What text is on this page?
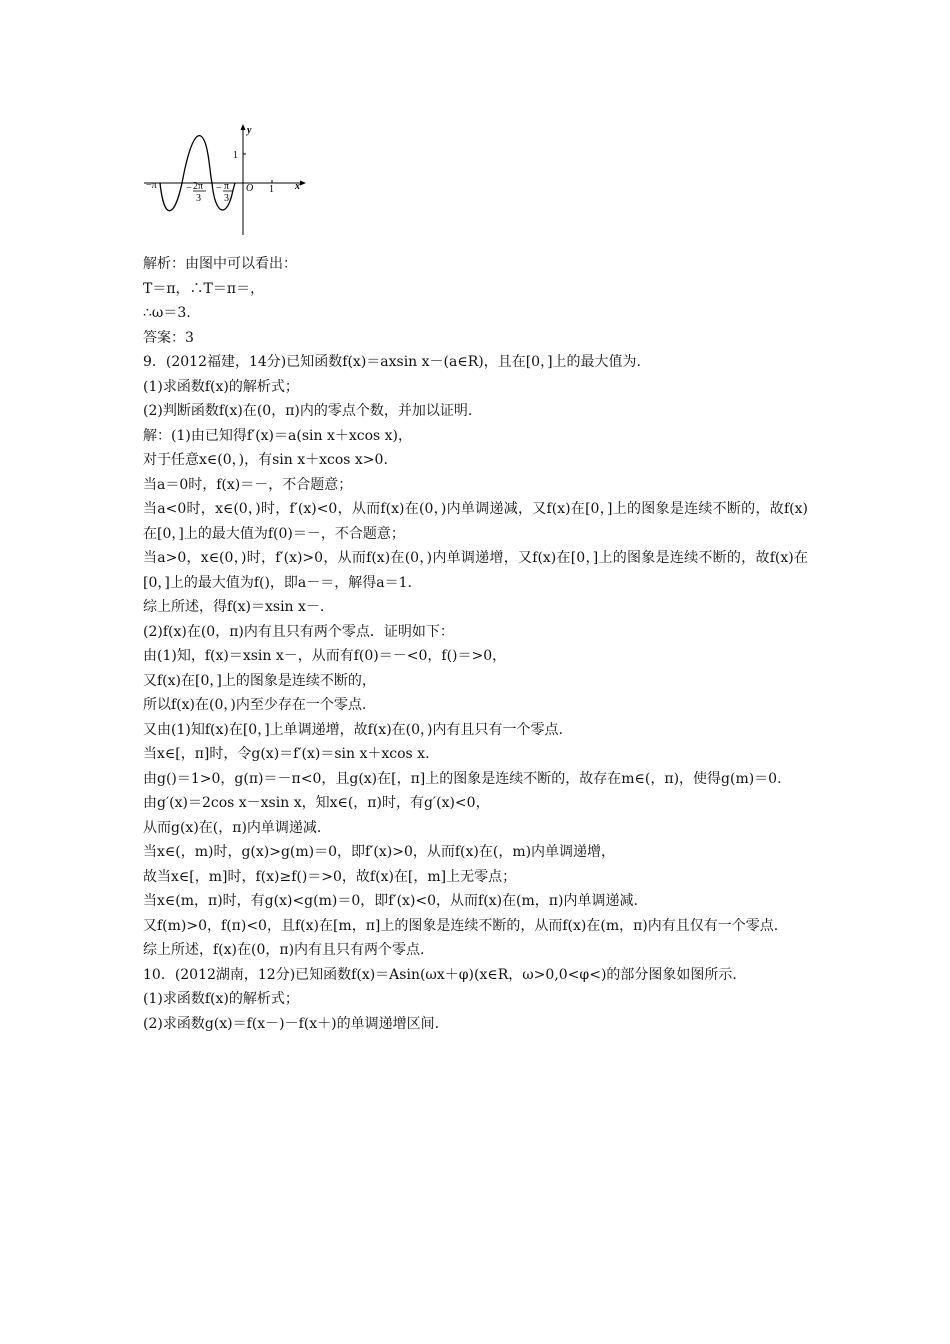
y
x
1
1
O
−π	− 2π
3
− π
3
解析：由图中可以看出：
T＝π，∴T＝π＝，
∴ω＝3.
答案：3
9．(2012福建，14分)已知函数f(x)＝axsin x－(a∈R)，且在[0，]上的最大值为.
(1)求函数f(x)的解析式；
(2)判断函数f(x)在(0，π)内的零点个数，并加以证明.
解：(1)由已知得f′(x)＝a(sin x＋xcos x)，
对于任意x∈(0，)，有sin x＋xcos x>0.
当a＝0时，f(x)＝－，不合题意；
当a<0时，x∈(0，)时，f′(x)<0，从而f(x)在(0，)内单调递减，又f(x)在[0，]上的图象是连续不断的，故f(x)在[0，]上的最大值为f(0)＝－，不合题意；
当a>0，x∈(0，)时，f′(x)>0，从而f(x)在(0，)内单调递增，又f(x)在[0，]上的图象是连续不断的，故f(x)在[0，]上的最大值为f()，即a－＝，解得a＝1.
综上所述，得f(x)＝xsin x－.
(2)f(x)在(0，π)内有且只有两个零点．证明如下：
由(1)知，f(x)＝xsin x－，从而有f(0)＝－<0，f()＝>0，
又f(x)在[0，]上的图象是连续不断的，
所以f(x)在(0，)内至少存在一个零点.
又由(1)知f(x)在[0，]上单调递增，故f(x)在(0，)内有且只有一个零点.
当x∈[，π]时，令g(x)＝f′(x)＝sin x＋xcos x.
由g()＝1>0，g(π)＝－π<0，且g(x)在[，π]上的图象是连续不断的，故存在m∈(，π)，使得g(m)＝0.
由g′(x)＝2cos x－xsin x，知x∈(，π)时，有g′(x)<0，
从而g(x)在(，π)内单调递减.
当x∈(，m)时，g(x)>g(m)＝0，即f′(x)>0，从而f(x)在(，m)内单调递增，
故当x∈[，m]时，f(x)≥f()＝>0，故f(x)在[，m]上无零点；
当x∈(m，π)时，有g(x)<g(m)＝0，即f′(x)<0，从而f(x)在(m，π)内单调递减.
又f(m)>0，f(π)<0，且f(x)在[m，π]上的图象是连续不断的，从而f(x)在(m，π)内有且仅有一个零点.
综上所述，f(x)在(0，π)内有且只有两个零点.
10．(2012湖南，12分)已知函数f(x)＝Asin(ωx＋φ)(x∈R，ω>0,0<φ<)的部分图象如图所示.
(1)求函数f(x)的解析式；
(2)求函数g(x)＝f(x－)－f(x＋)的单调递增区间.
